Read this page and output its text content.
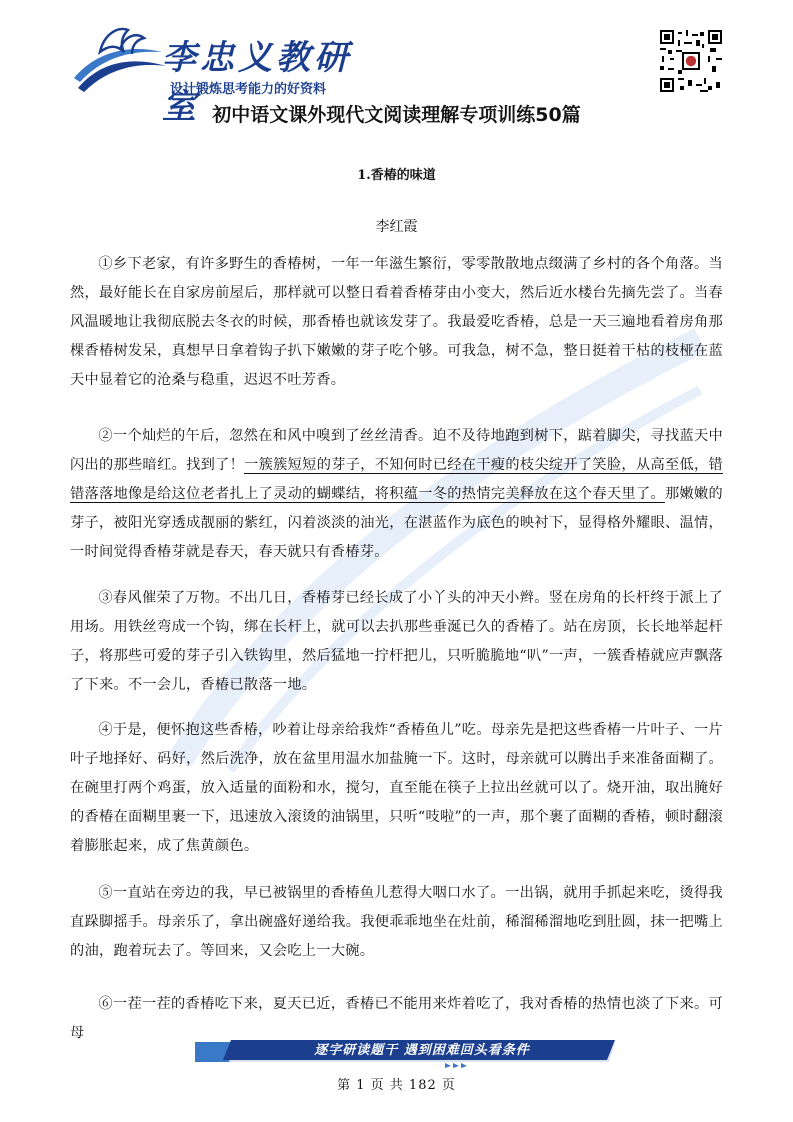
李忠义教研室
设计锻炼思考能力的好资料
初中语文课外现代文阅读理解专项训练50篇
1.香椿的味道
李红霞

①乡下老家，有许多野生的香椿树，一年一年滋生繁衍，零零散散地点缀满了乡村的各个角落。当然，最好能长在自家房前屋后，那样就可以整日看着香椿芽由小变大，然后近水楼台先摘先尝了。当春风温暖地让我彻底脱去冬衣的时候，那香椿也就该发芽了。我最爱吃香椿，总是一天三遍地看着房角那棵香椿树发呆，真想早日拿着钩子扒下嫩嫩的芽子吃个够。可我急，树不急，整日挺着干枯的枝桠在蓝天中显着它的沧桑与稳重，迟迟不吐芳香。

②一个灿烂的午后，忽然在和风中嗅到了丝丝清香。迫不及待地跑到树下，踮着脚尖，寻找蓝天中闪出的那些暗红。找到了！一簇簇短短的芽子，不知何时已经在干瘦的枝尖绽开了笑脸，从高至低，错错落落地像是给这位老者扎上了灵动的蝴蝶结，将积蕴一冬的热情完美释放在这个春天里了。那嫩嫩的芽子，被阳光穿透成靓丽的紫红，闪着淡淡的油光，在湛蓝作为底色的映衬下，显得格外耀眼、温情，一时间觉得香椿芽就是春天，春天就只有香椿芽。

③春风催荣了万物。不出几日，香椿芽已经长成了小丫头的冲天小辫。竖在房角的长杆终于派上了用场。用铁丝弯成一个钩，绑在长杆上，就可以去扒那些垂涎已久的香椿了。站在房顶，长长地举起杆子，将那些可爱的芽子引入铁钩里，然后猛地一拧杆把儿，只听脆脆地“叭”一声，一簇香椿就应声飘落了下来。不一会儿，香椿已散落一地。

④于是，便怀抱这些香椿，吵着让母亲给我炸“香椿鱼儿”吃。母亲先是把这些香椿一片叶子、一片叶子地择好、码好，然后洗净，放在盆里用温水加盐腌一下。这时，母亲就可以腾出手来准备面糊了。在碗里打两个鸡蛋，放入适量的面粉和水，搅匀，直至能在筷子上拉出丝就可以了。烧开油，取出腌好的香椿在面糊里裹一下，迅速放入滚烫的油锅里，只听“吱啦”的一声，那个裹了面糊的香椿，顿时翻滚着膨胀起来，成了焦黄颜色。

⑤一直站在旁边的我，早已被锅里的香椿鱼儿惹得大咽口水了。一出锅，就用手抓起来吃，烫得我直跺脚摇手。母亲乐了，拿出碗盛好递给我。我便乖乖地坐在灶前，稀溜稀溜地吃到肚圆，抹一把嘴上的油，跑着玩去了。等回来，又会吃上一大碗。

⑥一茬一茬的香椿吃下来，夏天已近，香椿已不能用来炸着吃了，我对香椿的热情也淡了下来。可母

逐字研读题干 遇到困难回头看条件
第 1 页 共 182 页
